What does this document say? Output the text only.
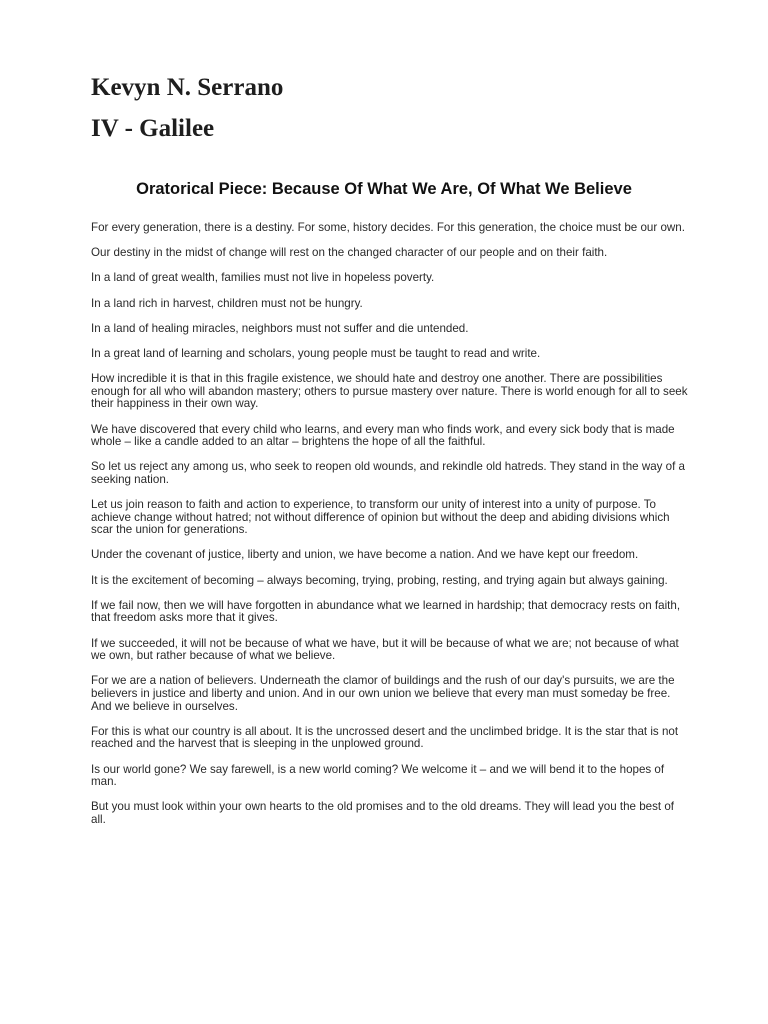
Kevyn N. Serrano
IV - Galilee
Oratorical Piece: Because Of What We Are, Of What We Believe

For every generation, there is a destiny. For some, history decides. For this generation, the choice must be our own.

Our destiny in the midst of change will rest on the changed character of our people and on their faith.

In a land of great wealth, families must not live in hopeless poverty.

In a land rich in harvest, children must not be hungry.

In a land of healing miracles, neighbors must not suffer and die untended.

In a great land of learning and scholars, young people must be taught to read and write.

How incredible it is that in this fragile existence, we should hate and destroy one another. There are possibilities enough for all who will abandon mastery; others to pursue mastery over nature. There is world enough for all to seek their happiness in their own way.

We have discovered that every child who learns, and every man who finds work, and every sick body that is made whole – like a candle added to an altar – brightens the hope of all the faithful.

So let us reject any among us, who seek to reopen old wounds, and rekindle old hatreds. They stand in the way of a seeking nation.

Let us join reason to faith and action to experience, to transform our unity of interest into a unity of purpose. To achieve change without hatred; not without difference of opinion but without the deep and abiding divisions which scar the union for generations.

Under the covenant of justice, liberty and union, we have become a nation. And we have kept our freedom.

It is the excitement of becoming – always becoming, trying, probing, resting, and trying again but always gaining.

If we fail now, then we will have forgotten in abundance what we learned in hardship; that democracy rests on faith, that freedom asks more that it gives.

If we succeeded, it will not be because of what we have, but it will be because of what we are; not because of what we own, but rather because of what we believe.

For we are a nation of believers. Underneath the clamor of buildings and the rush of our day's pursuits, we are the believers in justice and liberty and union. And in our own union we believe that every man must someday be free. And we believe in ourselves.

For this is what our country is all about. It is the uncrossed desert and the unclimbed bridge. It is the star that is not reached and the harvest that is sleeping in the unplowed ground.

Is our world gone? We say farewell, is a new world coming? We welcome it – and we will bend it to the hopes of man.

But you must look within your own hearts to the old promises and to the old dreams. They will lead you the best of all.
